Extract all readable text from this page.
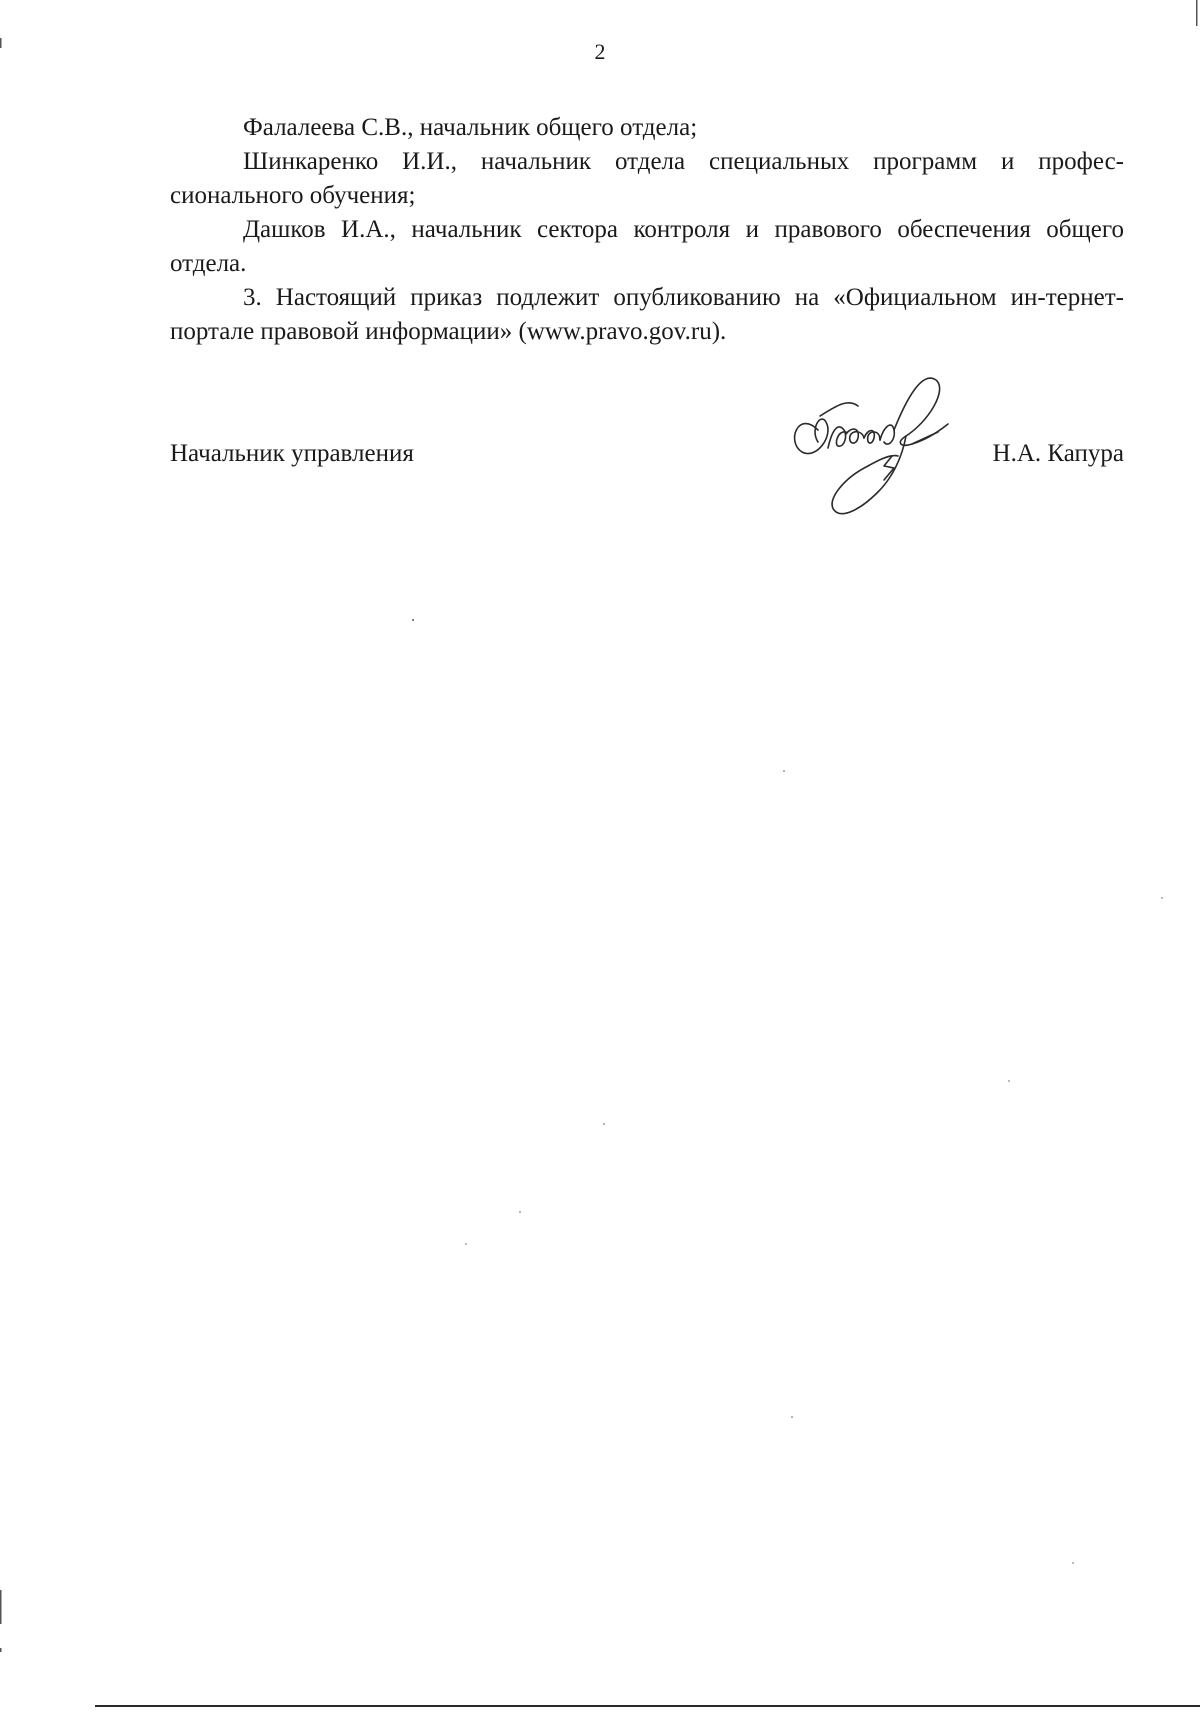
2

Фалалеева С.В., начальник общего отдела;

Шинкаренко И.И., начальник отдела специальных программ и профес-сионального обучения;

Дашков И.А., начальник сектора контроля и правового обеспечения общего отдела.

3. Настоящий приказ подлежит опубликованию на «Официальном ин-тернет-портале правовой информации» (www.pravo.gov.ru).

Начальник управления	Н.А. Капура
